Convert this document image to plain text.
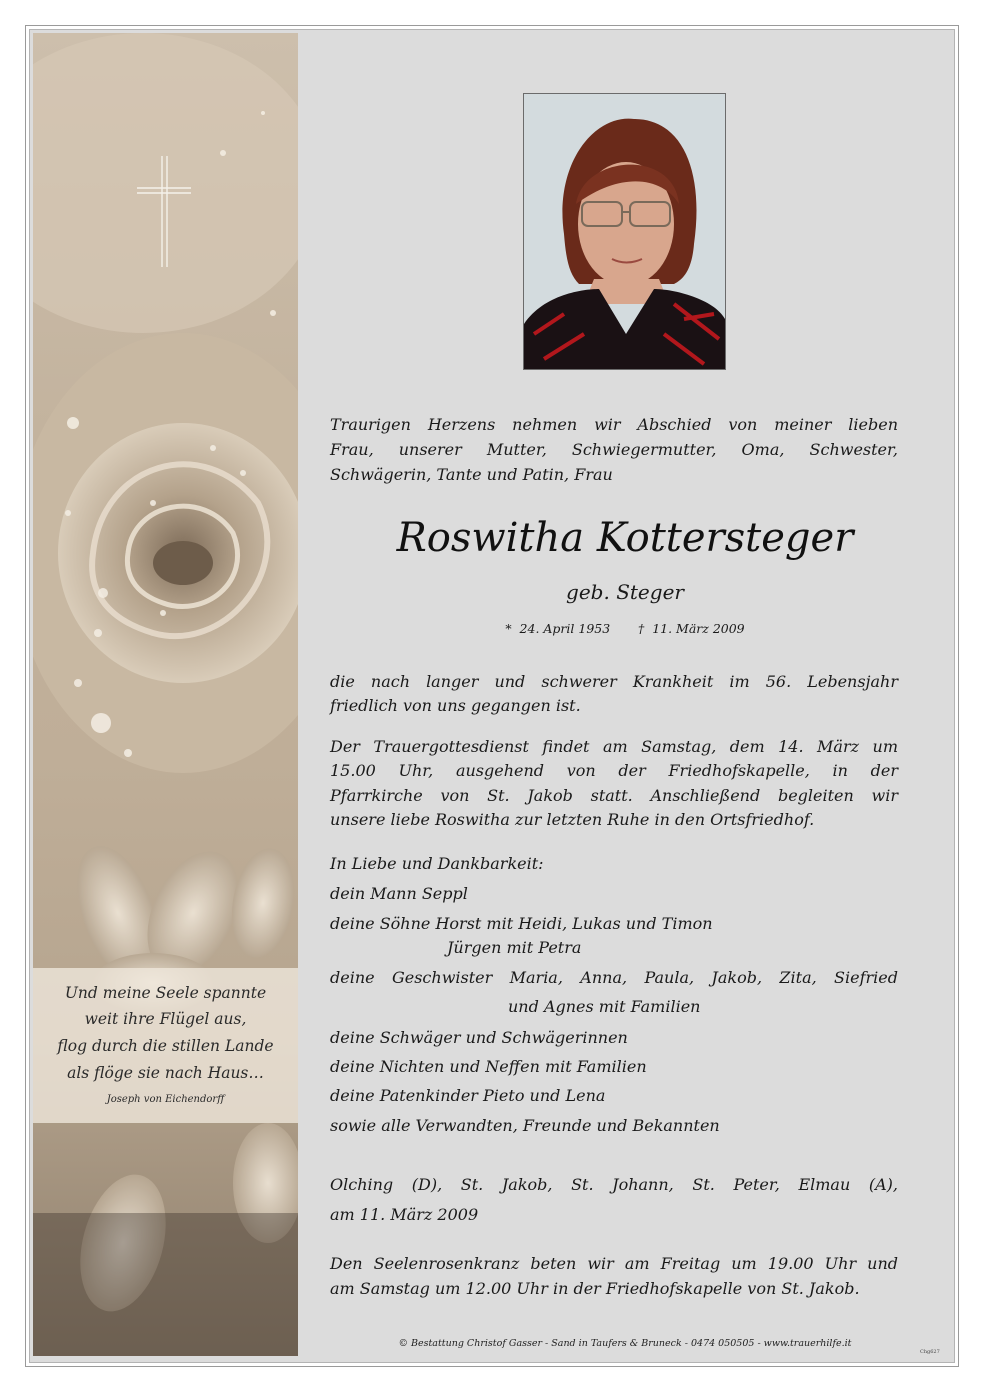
Und meine Seele spannte
weit ihre Flügel aus,
flog durch die stillen Lande
als flöge sie nach Haus…
Joseph von Eichendorff
Traurigen Herzens nehmen wir Abschied von meiner lieben
Frau, unserer Mutter, Schwiegermutter, Oma, Schwester,
Schwägerin, Tante und Patin, Frau
Roswitha Kottersteger
geb. Steger
*  24. April 1953       †  11. März 2009
die nach langer und schwerer Krankheit im 56. Lebensjahr
friedlich von uns gegangen ist.
Der Trauergottesdienst findet am Samstag, dem 14. März um
15.00 Uhr, ausgehend von der Friedhofskapelle, in der
Pfarrkirche von St. Jakob statt. Anschließend begleiten wir
unsere liebe Roswitha zur letzten Ruhe in den Ortsfriedhof.
In Liebe und Dankbarkeit:
dein Mann Seppl
deine Söhne Horst mit Heidi, Lukas und Timon
Jürgen mit Petra
deine Geschwister Maria, Anna, Paula, Jakob, Zita, Siefried
und Agnes mit Familien
deine Schwäger und Schwägerinnen
deine Nichten und Neffen mit Familien
deine Patenkinder Pieto und Lena
sowie alle Verwandten, Freunde und Bekannten
Olching (D), St. Jakob, St. Johann, St. Peter, Elmau (A),
am 11. März 2009
Den Seelenrosenkranz beten wir am Freitag um 19.00 Uhr und
am Samstag um 12.00 Uhr in der Friedhofskapelle von St. Jakob.
© Bestattung Christof Gasser - Sand in Taufers & Bruneck - 0474 050505 - www.trauerhilfe.it
Chg627
